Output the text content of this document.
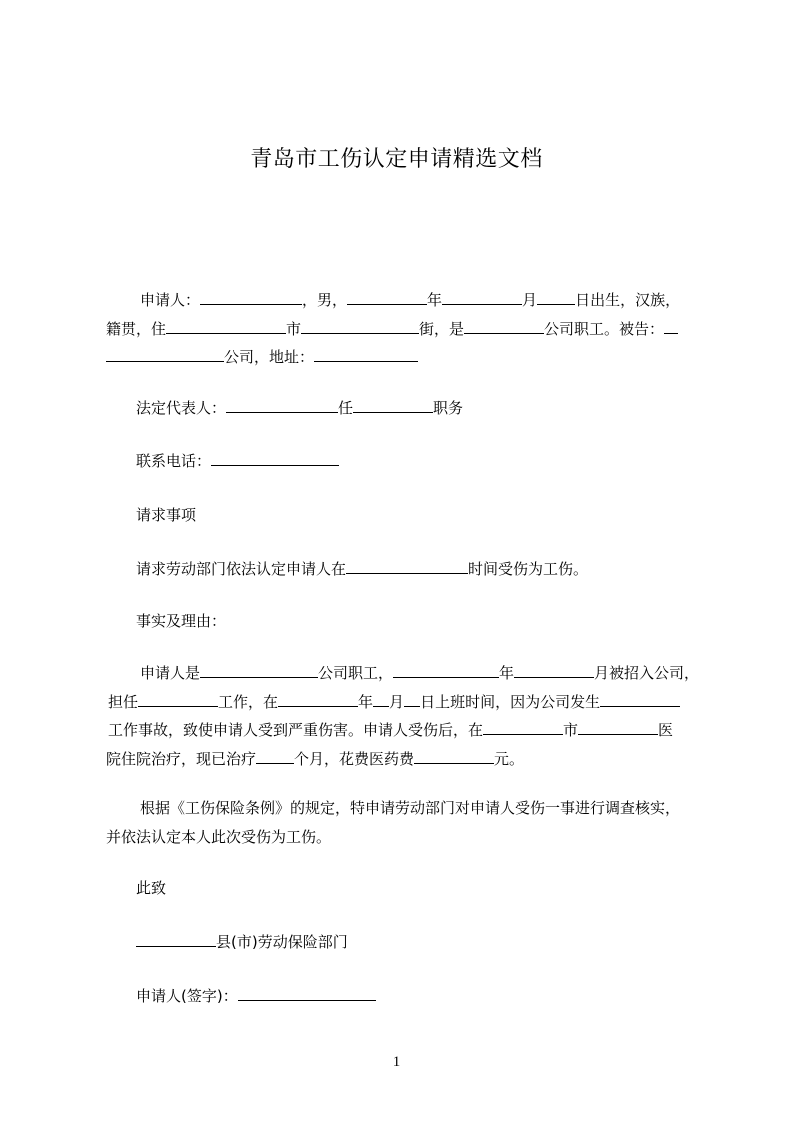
青岛市工伤认定申请精选文档
申请人：	，男，	年	月	日出生，汉族，
籍贯，住	市	街，是	公司职工。被告：
公司，地址：
法定代表人：	任	职务
联系电话：
请求事项
请求劳动部门依法认定申请人在	时间受伤为工伤。
事实及理由：
申请人是	公司职工，	年	月被招入公司，
担任	工作，在	年 月 日上班时间，因为公司发生
工作事故，致使申请人受到严重伤害。申请人受伤后，在	市	医
院住院治疗，现已治疗	个月，花费医药费	元。
根据《工伤保险条例》的规定，特申请劳动部门对申请人受伤一事进行调查核实，
并依法认定本人此次受伤为工伤。
此致
县(市)劳动保险部门
申请人(签字)：
1
